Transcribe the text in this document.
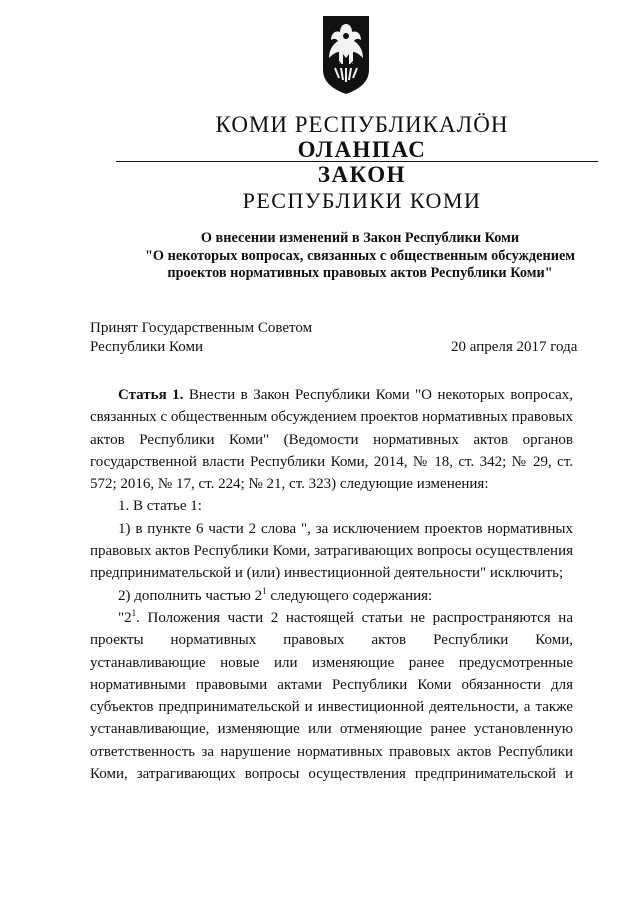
КОМИ РЕСПУБЛИКАЛӦН
ОЛАНПАС
ЗАКОН
РЕСПУБЛИКИ КОМИ
О внесении изменений в Закон Республики Коми
"О некоторых вопросах, связанных с общественным обсуждением
проектов нормативных правовых актов Республики Коми"
Принят Государственным Советом
Республики Коми	20 апреля 2017 года

Статья 1. Внести в Закон Республики Коми "О некоторых вопросах, связанных с общественным обсуждением проектов нормативных правовых актов Республики Коми" (Ведомости нормативных актов органов государственной власти Республики Коми, 2014, № 18, ст. 342; № 29, ст. 572; 2016, № 17, ст. 224; № 21, ст. 323) следующие изменения:

1. В статье 1:

1) в пункте 6 части 2 слова ", за исключением проектов нормативных правовых актов Республики Коми, затрагивающих вопросы осуществления предпринимательской и (или) инвестиционной деятельности" исключить;

2) дополнить частью $2^1$ следующего содержания:

"$2^1$. Положения части 2 настоящей статьи не распространяются на проекты нормативных правовых актов Республики Коми, устанавливающие новые или изменяющие ранее предусмотренные нормативными правовыми актами Республики Коми обязанности для субъектов предпринимательской и инвестиционной деятельности, а также устанавливающие, изменяющие или отменяющие ранее установленную ответственность за нарушение нормативных правовых актов Республики Коми, затрагивающих вопросы осуществления предпринимательской и
